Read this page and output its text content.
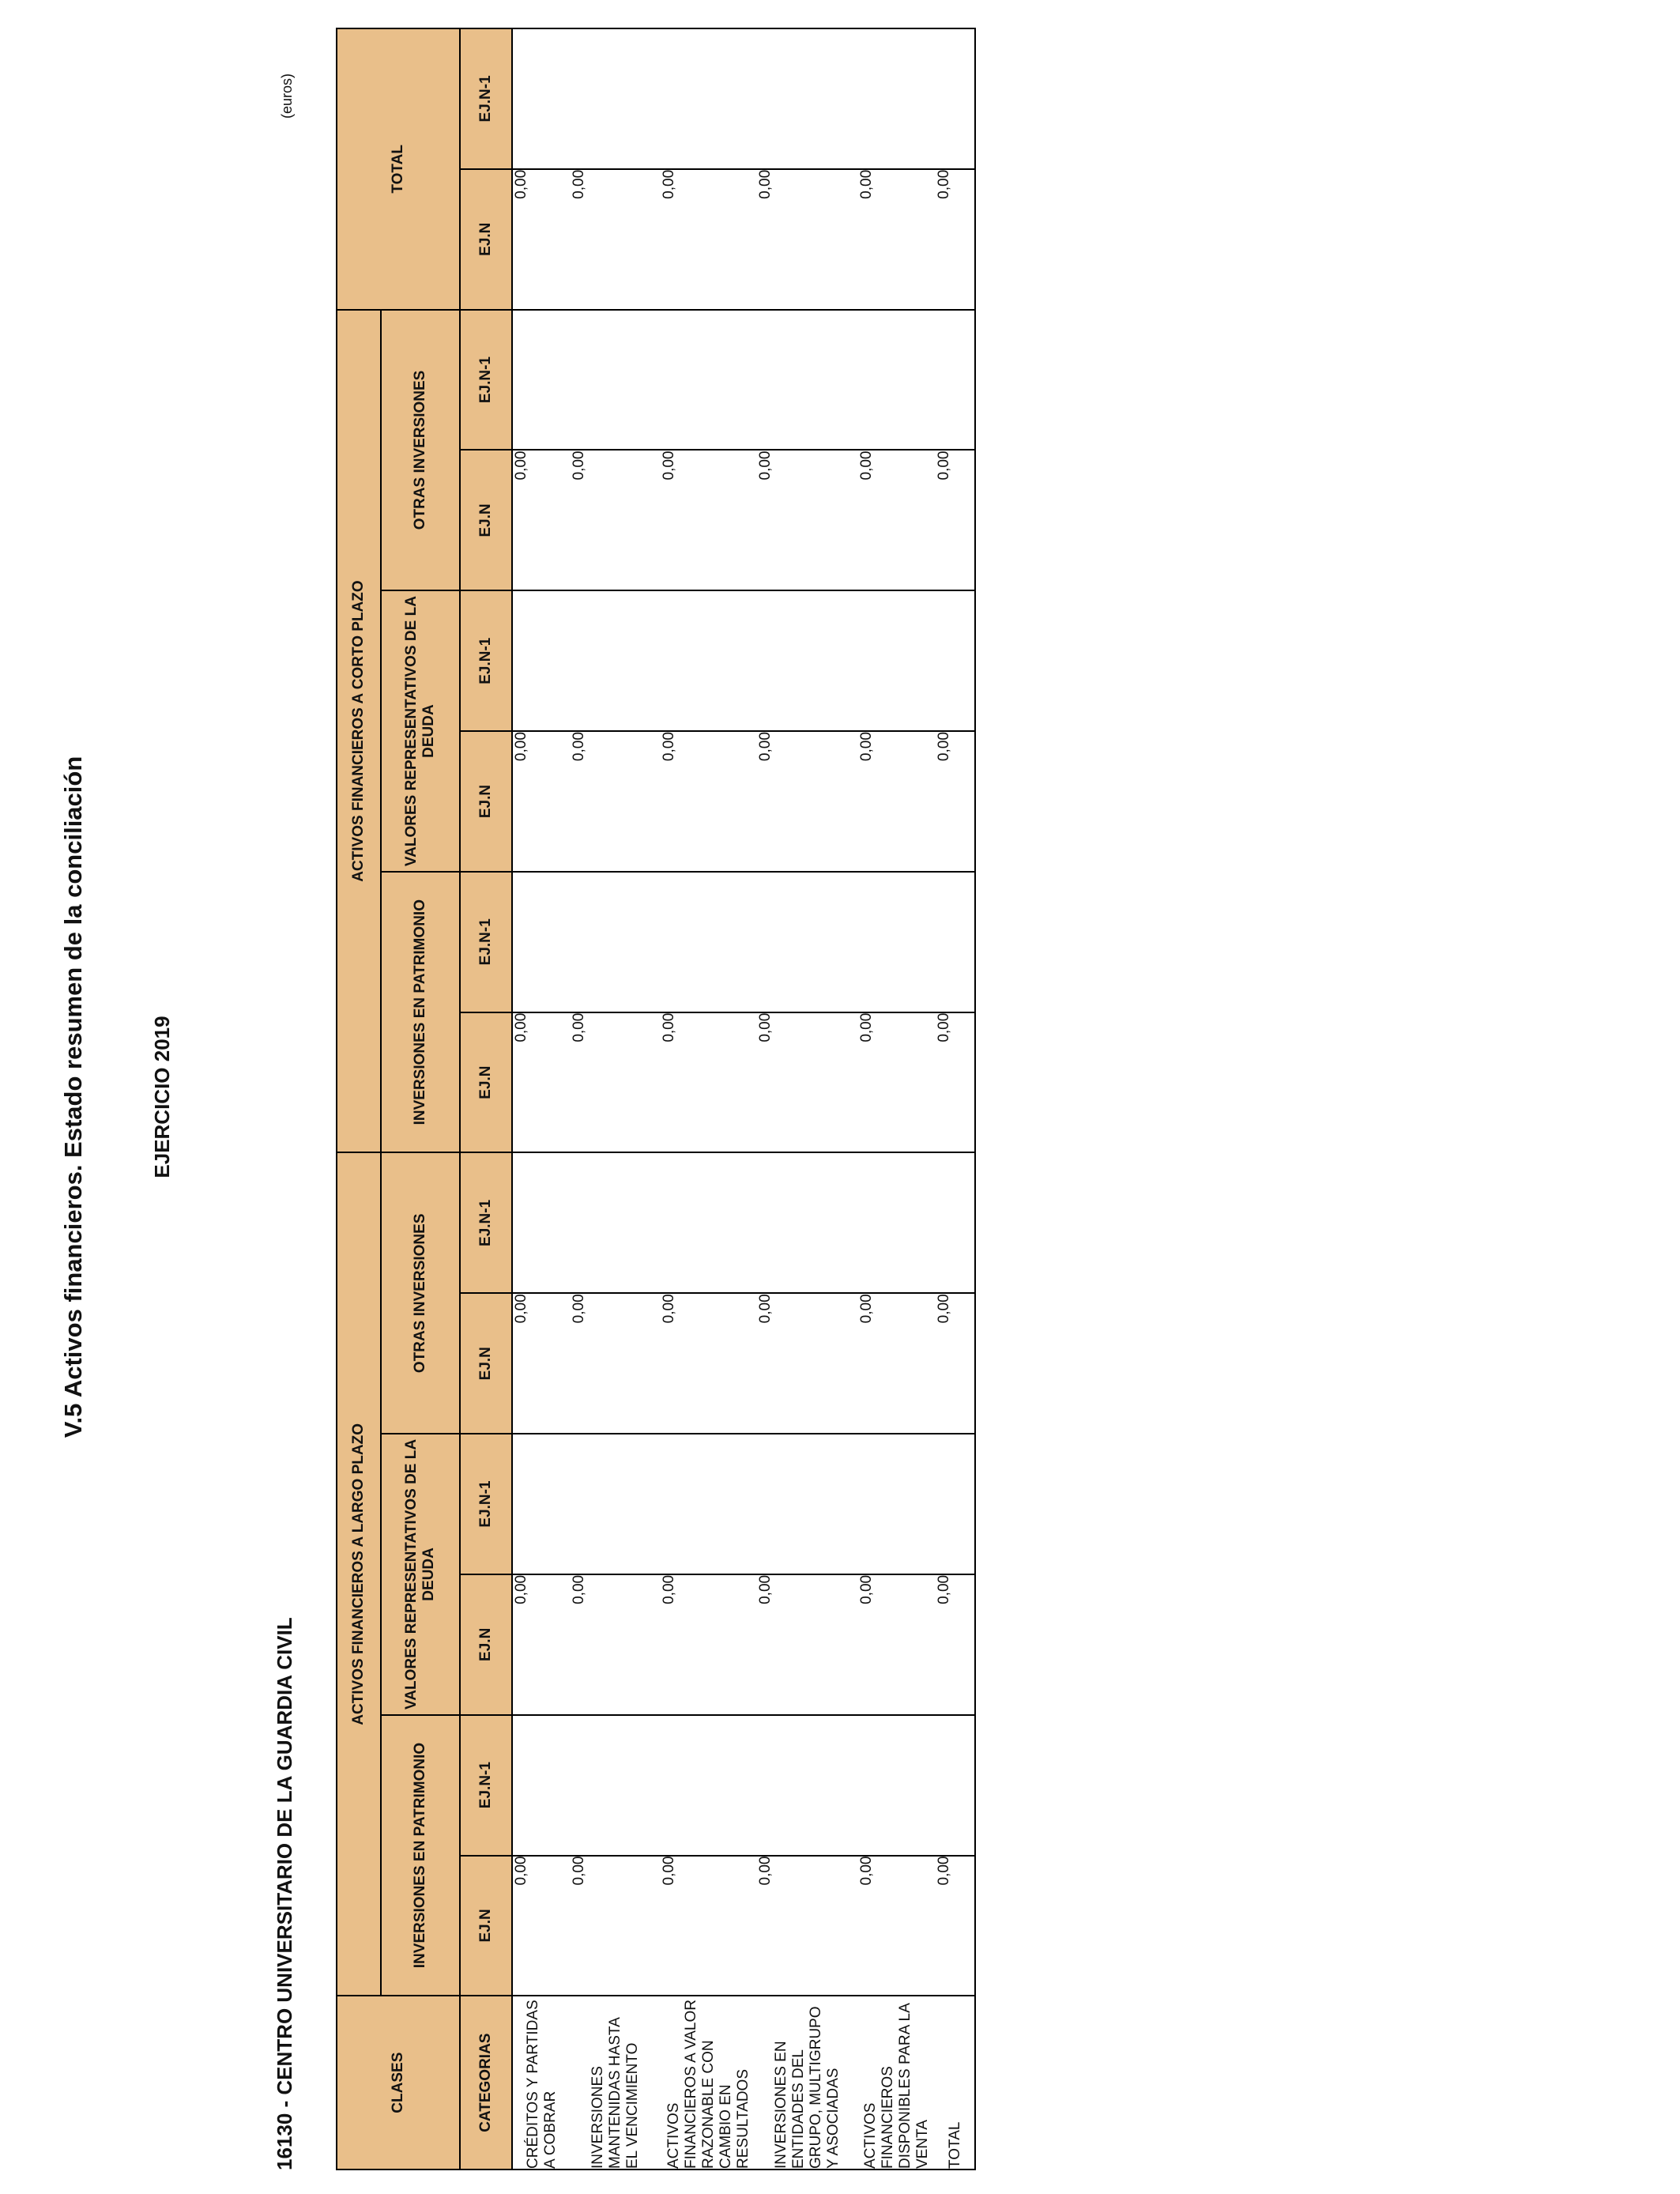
V.5 Activos financieros. Estado resumen de la conciliación	EJERCICIO 2019
16130 - CENTRO UNIVERSITARIO DE LA GUARDIA CIVIL
(euros)
CLASES	ACTIVOS FINANCIEROS A LARGO PLAZO						ACTIVOS FINANCIEROS A CORTO PLAZO						TOTAL	
	INVERSIONES EN PATRIMONIO		VALORES REPRESENTATIVOS DE LA DEUDA		OTRAS INVERSIONES		INVERSIONES EN PATRIMONIO		VALORES REPRESENTATIVOS DE LA DEUDA		OTRAS INVERSIONES			
CATEGORIAS	EJ.N	EJ.N-1	EJ.N	EJ.N-1	EJ.N	EJ.N-1	EJ.N	EJ.N-1	EJ.N	EJ.N-1	EJ.N	EJ.N-1	EJ.N	EJ.N-1
CRÉDITOS Y PARTIDAS A COBRAR	0,00		0,00		0,00		0,00		0,00		0,00		0,00	
INVERSIONES MANTENIDAS HASTA EL VENCIMIENTO	0,00		0,00		0,00		0,00		0,00		0,00		0,00	
ACTIVOS FINANCIEROS A VALOR RAZONABLE CON CAMBIO EN RESULTADOS	0,00		0,00		0,00		0,00		0,00		0,00		0,00	
INVERSIONES EN ENTIDADES DEL GRUPO, MULTIGRUPO Y ASOCIADAS	0,00		0,00		0,00		0,00		0,00		0,00		0,00	
ACTIVOS FINANCIEROS DISPONIBLES PARA LA VENTA	0,00		0,00		0,00		0,00		0,00		0,00		0,00	
TOTAL	0,00		0,00		0,00		0,00		0,00		0,00		0,00	
